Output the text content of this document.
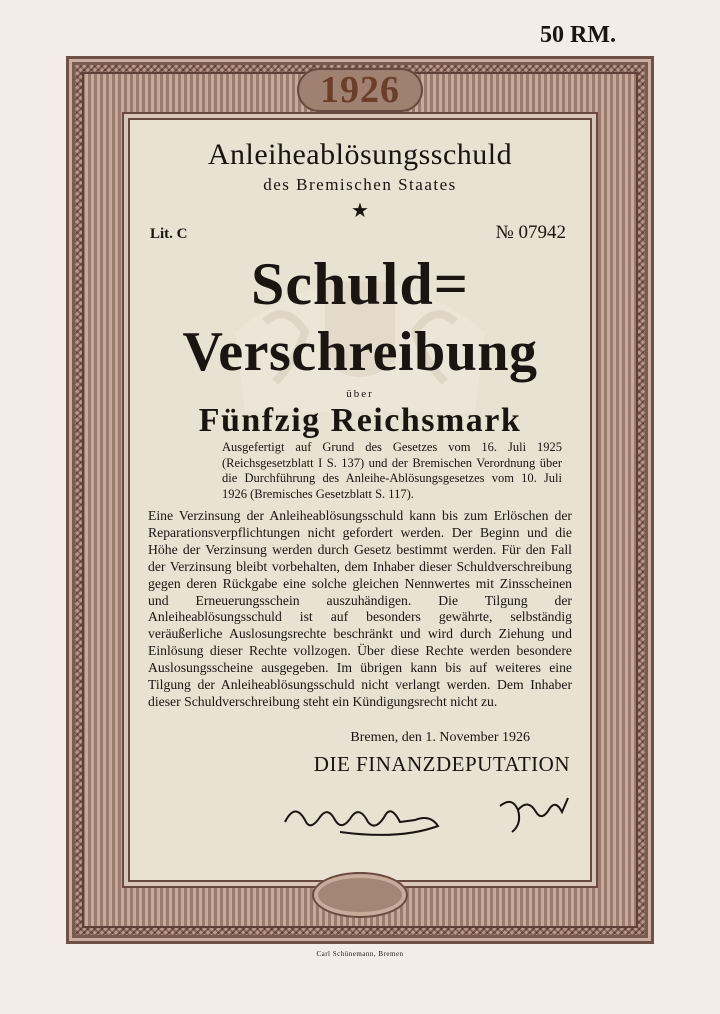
50 RM.
1926
Anleiheablösungsschuld
des Bremischen Staates
★
Lit. C	№ 07942
Schuld=
Verschreibung
über
Fünfzig Reichsmark
Ausgefertigt auf Grund des Gesetzes vom 16. Juli 1925 (Reichsgesetzblatt I S. 137) und der Bremischen Verordnung über die Durchführung des Anleihe-Ablösungsgesetzes vom 10. Juli 1926 (Bremisches Gesetzblatt S. 117).
Eine Verzinsung der Anleiheablösungsschuld kann bis zum Erlöschen der Reparationsverpflichtungen nicht gefordert werden. Der Beginn und die Höhe der Verzinsung werden durch Gesetz bestimmt werden. Für den Fall der Verzinsung bleibt vorbehalten, dem Inhaber dieser Schuldverschreibung gegen deren Rückgabe eine solche gleichen Nennwertes mit Zinsscheinen und Erneuerungsschein auszuhändigen. Die Tilgung der Anleiheablösungsschuld ist auf besonders gewährte, selbständig veräußerliche Auslosungsrechte beschränkt und wird durch Ziehung und Einlösung dieser Rechte vollzogen. Über diese Rechte werden besondere Auslosungsscheine ausgegeben. Im übrigen kann bis auf weiteres eine Tilgung der Anleiheablösungsschuld nicht verlangt werden. Dem Inhaber dieser Schuldverschreibung steht ein Kündigungsrecht nicht zu.
Bremen, den 1. November 1926
DIE FINANZDEPUTATION
Carl Schünemann, Bremen
